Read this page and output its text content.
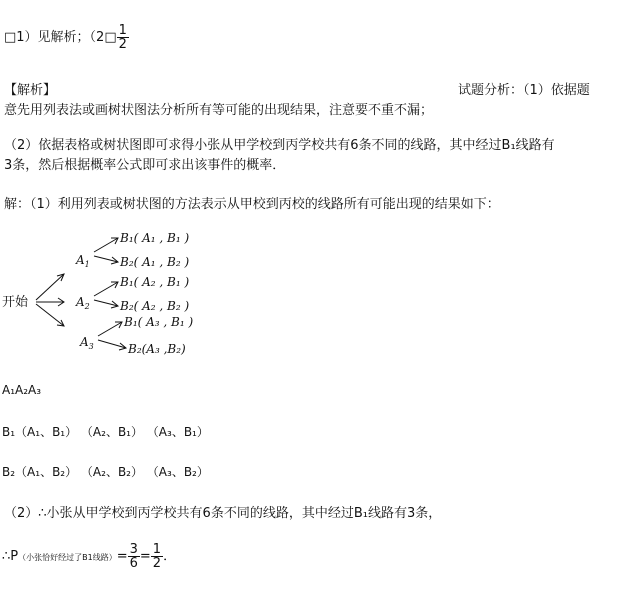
□1）见解析；（2□ $\frac{1}{2}$
【解析】	试题分析：（1）依据题
意先用列表法或画树状图法分析所有等可能的出现结果，注意要不重不漏；
（2）依据表格或树状图即可求得小张从甲学校到丙学校共有6条不同的线路，其中经过B₁线路有
3条，然后根据概率公式即可求出该事件的概率．
解：（1）利用列表或树状图的方法表示从甲校到丙校的线路所有可能出现的结果如下：
开始
$A_1$
$A_2$
$A_3$
B₁( A₁ , B₁ )
B₂( A₁ , B₂ )
B₁( A₂ , B₁ )
B₂( A₂ , B₂ )
B₁( A₃ , B₁ )
B₂(A₃ ,B₂)
A₁A₂A₃
B₁（A₁、B₁） （A₂、B₁） （A₃、B₁）
B₂（A₁、B₂） （A₂、B₂） （A₃、B₂）
（2）∴小张从甲学校到丙学校共有6条不同的线路，其中经过B₁线路有3条，
∴P（小张恰好经过了B1线路）= $\frac{3}{6} = \frac{1}{2}$ ．
